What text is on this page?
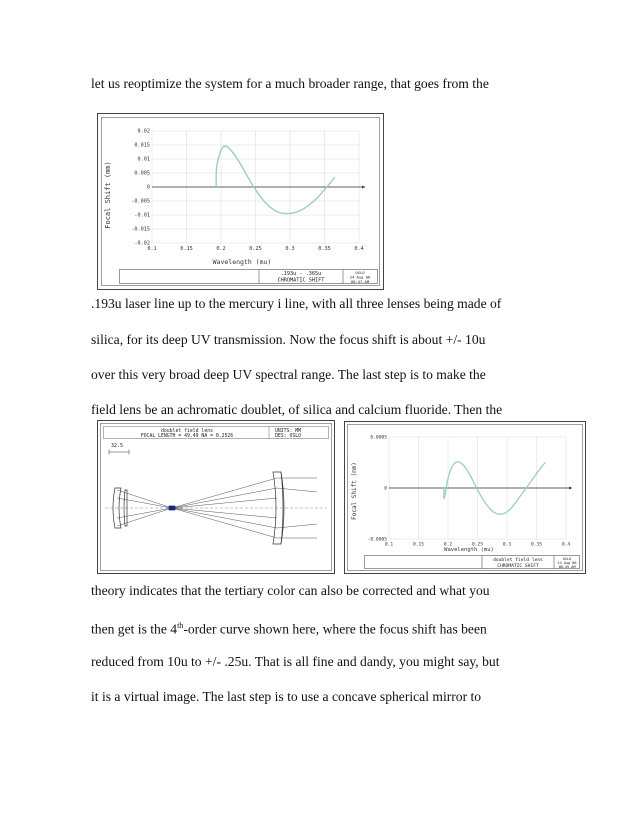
let us reoptimize the system for a much broader range, that goes from the
0.02
0.015
0.01
0.005
0
-0.005
-0.01
-0.015
-0.02
0.1	0.15	0.2	0.25	0.3	0.35	0.4
Focal Shift (mm)
Wavelength (mu)
.193u - .365u
CHROMATIC SHIFT
OSLO
24 Aug 06
08:47 AM
.193u laser line up to the mercury i line, with all three lenses being made of
silica, for its deep UV transmission. Now the focus shift is about +/- 10u
over this very broad deep UV spectral range. The last step is to make the
field lens be an achromatic doublet, of silica and calcium fluoride. Then the
doublet field lens
FOCAL LENGTH = 49.49 NA = 0.2526
UNITS: MM
DES: OSLO
32.5
0.0005
0
-0.0005
0.1	0.15	0.2	0.25	0.3	0.35	0.4
Focal Shift (mm)
Wavelength (mu)
doublet field lens
CHROMATIC SHIFT
OSLO
24 Aug 06
08:45 AM
theory indicates that the tertiary color can also be corrected and what you
then get is the 4th-order curve shown here, where the focus shift has been
reduced from 10u to +/- .25u. That is all fine and dandy, you might say, but
it is a virtual image. The last step is to use a concave spherical mirror to
